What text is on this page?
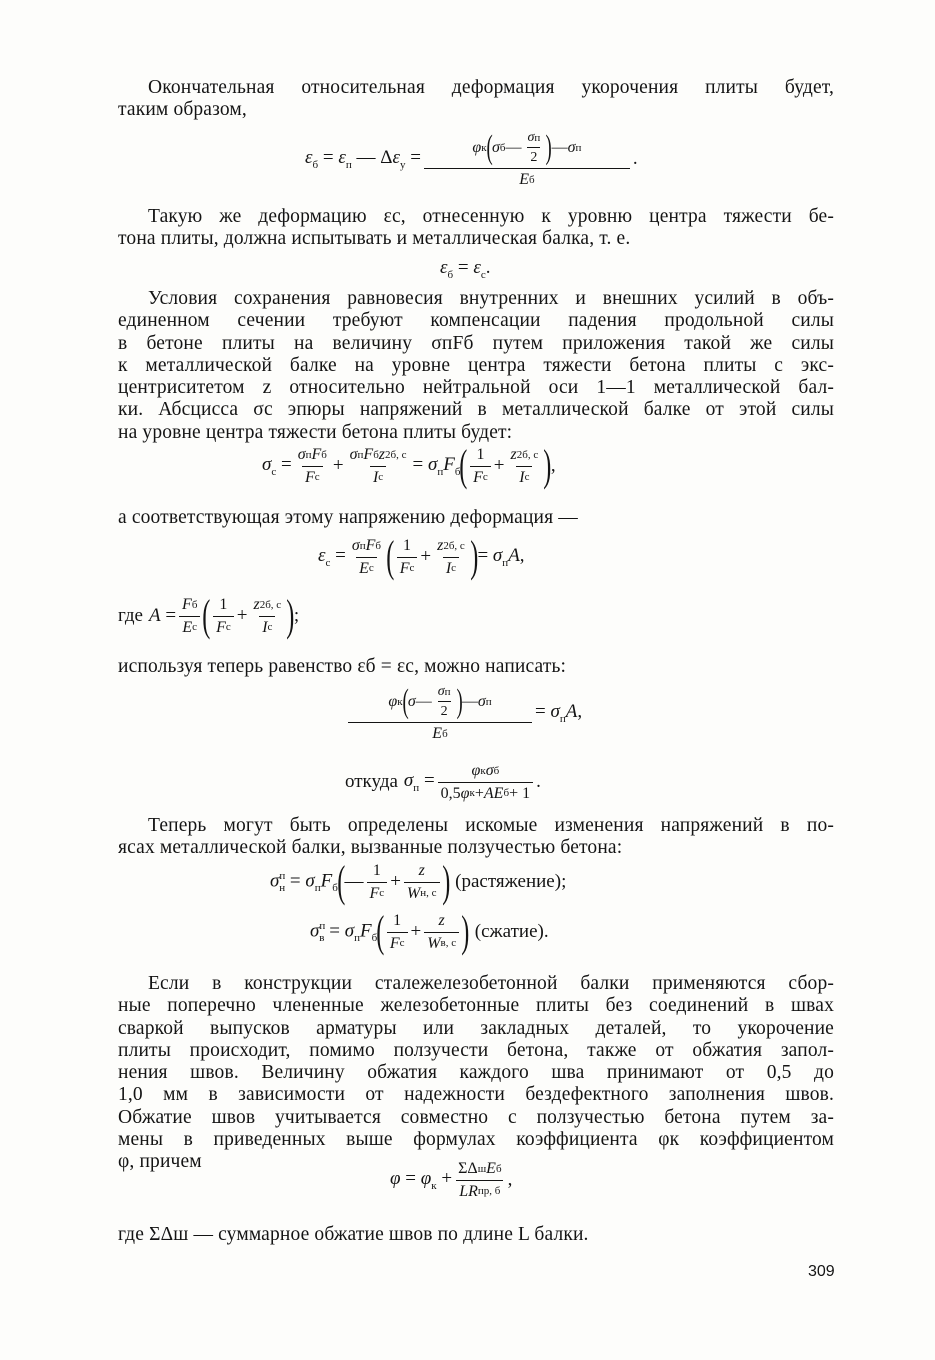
Окончательная относительная деформация укорочения плиты будет,
таким образом,
$\varepsilon_б = \varepsilon_п$ — $\Delta\varepsilon_у = \frac{\varphi к ( \sigma б — \frac{\text{σ п}}{2} ) — \sigma п}{\text{E б}}$ .
Такую же деформацию εс, отнесенную к уровню центра тяжести бе-
тона плиты, должна испытывать и металлическая балка, т. е.
$\varepsilon_б = \varepsilon_с$.
Условия сохранения равновесия внутренних и внешних усилий в объ-
единенном сечении требуют компенсации падения продольной силы
в бетоне плиты на величину σпFб путем приложения такой же силы
к металлической балке на уровне центра тяжести бетона плиты с экс-
центриситетом z относительно нейтральной оси 1—1 металлической бал-
ки. Абсцисса σс эпюры напряжений в металлической балке от этой силы
на уровне центра тяжести бетона плиты будет:
$\sigma_с = \frac{\text{σ п F б}}{\text{F с}} + \frac{\text{σ п F б z 2 б, с}}{\text{I с}} = \sigma_пF_б$ ( $\frac{1}{\text{F с}} + \frac{z 2 б, с}{\text{I с}}$ ) ,
а соответствующая этому напряжению деформация —
$\varepsilon_с = \frac{\text{σ п F б}}{\text{E с}}$ ( $\frac{1}{\text{F с}} + \frac{z 2 б, с}{\text{I с}}$ ) = $\sigma_пA$,
где $A = \frac{\text{F б}}{\text{E с}}$ ( $\frac{1}{\text{F с}} + \frac{z 2 б, с}{\text{I с}}$ ) ;
используя теперь равенство εб = εс, можно написать:
$\frac{\varphi к ( \sigma — \frac{\text{σ п}}{2} ) — \sigma п}{\text{E б}} = \sigma_пA$,
откуда $\sigma_п = \frac{\text{φ к σ б}}{\text{0,5 φ к + AE б + 1}}$ .
Теперь могут быть определены искомые изменения напряжений в по-
ясах металлической балки, вызванные ползучестью бетона:
$\sigma^п_н = \sigma_пF_б$ ( — $\frac{1}{\text{F с}} + \frac{z}{\text{W н, с}}$ ) (растяжение);
$\sigma^п_в = \sigma_пF_б$ ( $\frac{1}{\text{F с}} + \frac{z}{\text{W в, с}}$ ) (сжатие).
Если в конструкции сталежелезобетонной балки применяются сбор-
ные поперечно члененные железобетонные плиты без соединений в швах
сваркой выпусков арматуры или закладных деталей, то укорочение
плиты происходит, помимо ползучести бетона, также от обжатия запол-
нения швов. Величину обжатия каждого шва принимают от 0,5 до
1,0 мм в зависимости от надежности бездефектного заполнения швов.
Обжатие швов учитывается совместно с ползучестью бетона путем за-
мены в приведенных выше формулах коэффициента φк коэффициентом
φ, причем
$\varphi = \varphi_к + \frac{\text{ΣΔ ш E б}}{\text{LR пр, б}}$ ,
где ΣΔш — суммарное обжатие швов по длине L балки.
309
